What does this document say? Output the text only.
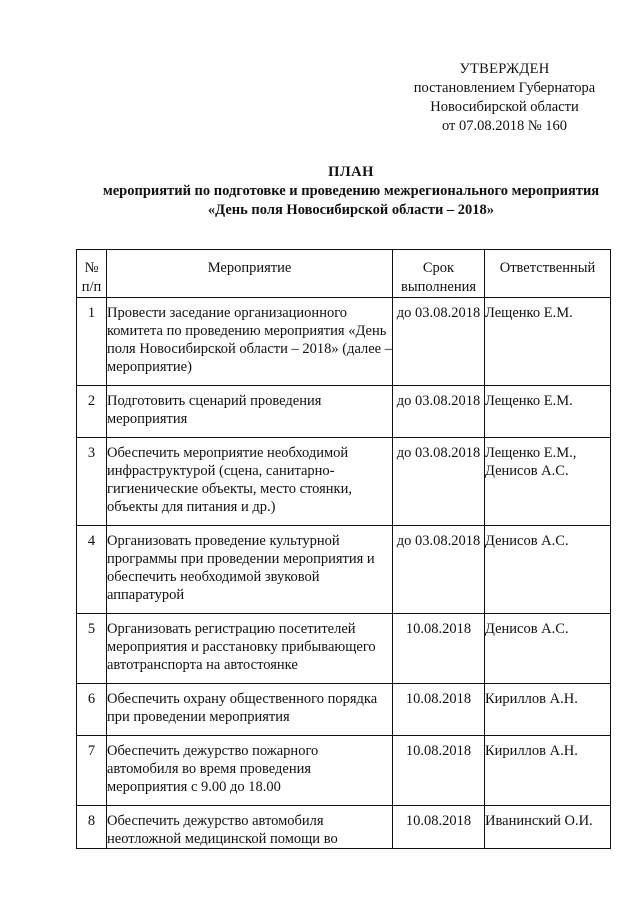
УТВЕРЖДЕН
постановлением Губернатора
Новосибирской области
от 07.08.2018 № 160
ПЛАН
мероприятий по подготовке и проведению межрегионального мероприятия
«День поля Новосибирской области – 2018»
№ п/п	Мероприятие	Срок выполнения	Ответственный
1	Провести заседание организационного комитета по проведению мероприятия «День поля Новосибирской области – 2018» (далее – мероприятие)	до 03.08.2018	Лещенко Е.М.
2	Подготовить сценарий проведения мероприятия	до 03.08.2018	Лещенко Е.М.
3	Обеспечить мероприятие необходимой инфраструктурой (сцена, санитарно-гигиенические объекты, место стоянки, объекты для питания и др.)	до 03.08.2018	Лещенко Е.М., Денисов А.С.
4	Организовать проведение культурной программы при проведении мероприятия и обеспечить необходимой звуковой аппаратурой	до 03.08.2018	Денисов А.С.
5	Организовать регистрацию посетителей мероприятия и расстановку прибывающего автотранспорта на автостоянке	10.08.2018	Денисов А.С.
6	Обеспечить охрану общественного порядка при проведении мероприятия	10.08.2018	Кириллов А.Н.
7	Обеспечить дежурство пожарного автомобиля во время проведения мероприятия с 9.00 до 18.00	10.08.2018	Кириллов А.Н.
8	Обеспечить дежурство автомобиля неотложной медицинской помощи во	10.08.2018	Иванинский О.И.
